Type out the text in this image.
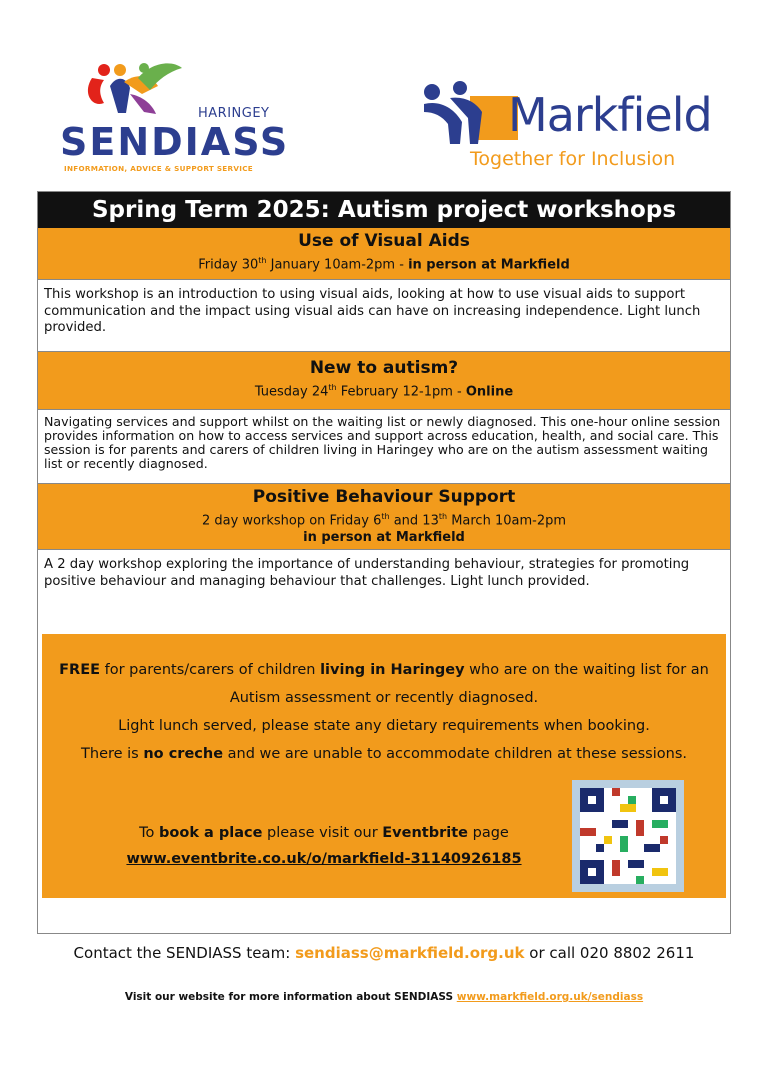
HARINGEY
SENDIASS
INFORMATION, ADVICE & SUPPORT SERVICE
Markfield
Together for Inclusion
Spring Term 2025: Autism project workshops
Use of Visual Aids
Friday 30th January 10am-2pm - in person at Markfield
This workshop is an introduction to using visual aids, looking at how to use visual aids to support communication and the impact using visual aids can have on increasing independence. Light lunch provided.
New to autism?
Tuesday 24th February 12-1pm - Online
Navigating services and support whilst on the waiting list or newly diagnosed. This one-hour online session provides information on how to access services and support across education, health, and social care. This session is for parents and carers of children living in Haringey who are on the autism assessment waiting list or recently diagnosed.
Positive Behaviour Support
2 day workshop on Friday 6th and 13th March 10am-2pm
in person at Markfield
A 2 day workshop exploring the importance of understanding behaviour, strategies for promoting positive behaviour and managing behaviour that challenges. Light lunch provided.
FREE for parents/carers of children living in Haringey who are on the waiting list for an Autism assessment or recently diagnosed.
Light lunch served, please state any dietary requirements when booking.
There is no creche and we are unable to accommodate children at these sessions.
To book a place please visit our Eventbrite page
www.eventbrite.co.uk/o/markfield-31140926185
Contact the SENDIASS team: sendiass@markfield.org.uk or call 020 8802 2611
Visit our website for more information about SENDIASS www.markfield.org.uk/sendiass
